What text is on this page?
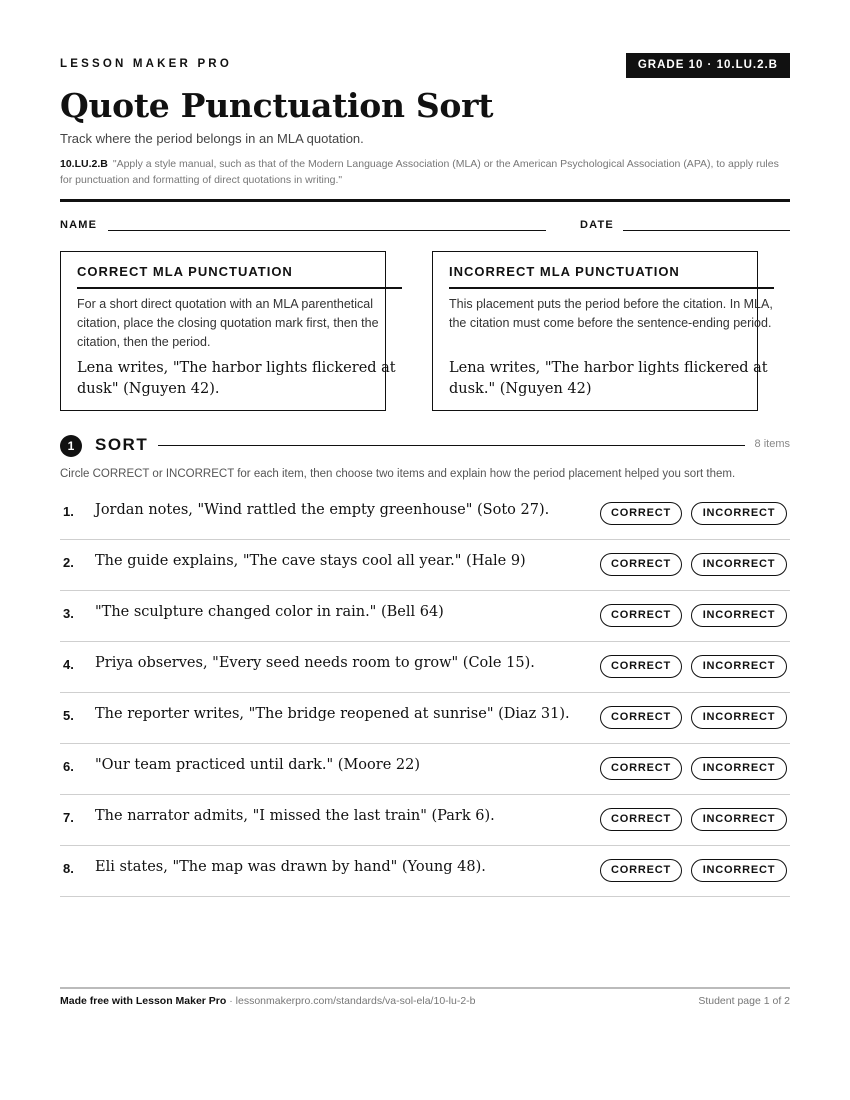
LESSON MAKER PRO	GRADE 10 · 10.LU.2.B
Quote Punctuation Sort
Track where the period belongs in an MLA quotation.
10.LU.2.B "Apply a style manual, such as that of the Modern Language Association (MLA) or the American Psychological Association (APA), to apply rules for punctuation and formatting of direct quotations in writing."
NAME	DATE
CORRECT MLA PUNCTUATION
For a short direct quotation with an MLA parenthetical citation, place the closing quotation mark first, then the citation, then the period.
Lena writes, "The harbor lights flickered at dusk" (Nguyen 42).
INCORRECT MLA PUNCTUATION
This placement puts the period before the citation. In MLA, the citation must come before the sentence-ending period.
Lena writes, "The harbor lights flickered at dusk." (Nguyen 42)
1	SORT	8 items
Circle CORRECT or INCORRECT for each item, then choose two items and explain how the period placement helped you sort them.
1. Jordan notes, "Wind rattled the empty greenhouse" (Soto 27).	CORRECT	INCORRECT
2. The guide explains, "The cave stays cool all year." (Hale 9)	CORRECT	INCORRECT
3. "The sculpture changed color in rain." (Bell 64)	CORRECT	INCORRECT
4. Priya observes, "Every seed needs room to grow" (Cole 15).	CORRECT	INCORRECT
5. The reporter writes, "The bridge reopened at sunrise" (Diaz 31).	CORRECT	INCORRECT
6. "Our team practiced until dark." (Moore 22)	CORRECT	INCORRECT
7. The narrator admits, "I missed the last train" (Park 6).	CORRECT	INCORRECT
8. Eli states, "The map was drawn by hand" (Young 48).	CORRECT	INCORRECT
Made free with Lesson Maker Pro · lessonmakerpro.com/standards/va-sol-ela/10-lu-2-b	Student page 1 of 2
